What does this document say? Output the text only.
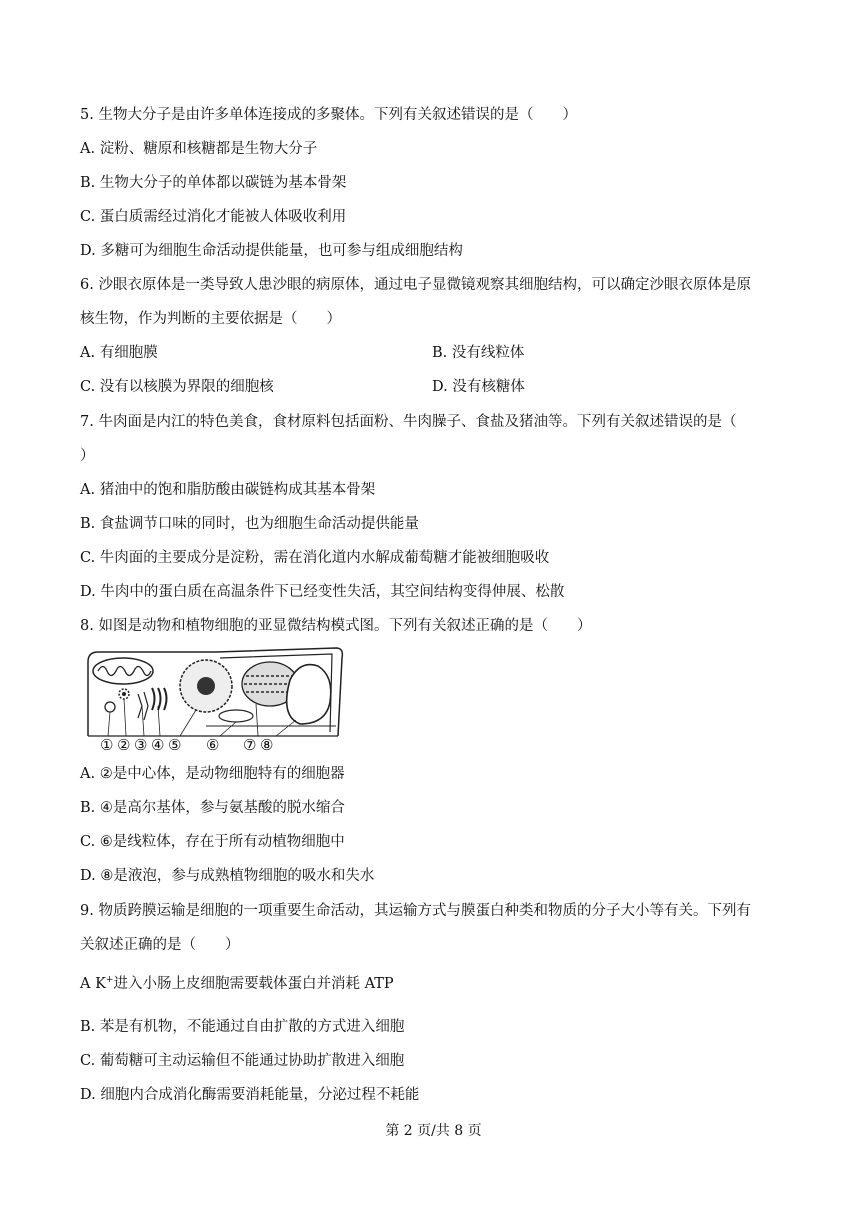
5. 生物大分子是由许多单体连接成的多聚体。下列有关叙述错误的是（　　）
A. 淀粉、糖原和核糖都是生物大分子
B. 生物大分子的单体都以碳链为基本骨架
C. 蛋白质需经过消化才能被人体吸收利用
D. 多糖可为细胞生命活动提供能量，也可参与组成细胞结构
6. 沙眼衣原体是一类导致人患沙眼的病原体，通过电子显微镜观察其细胞结构，可以确定沙眼衣原体是原
核生物，作为判断的主要依据是（　　）
A. 有细胞膜	B. 没有线粒体
C. 没有以核膜为界限的细胞核	D. 没有核糖体
7. 牛肉面是内江的特色美食，食材原料包括面粉、牛肉臊子、食盐及猪油等。下列有关叙述错误的是（
）
A. 猪油中的饱和脂肪酸由碳链构成其基本骨架
B. 食盐调节口味的同时，也为细胞生命活动提供能量
C. 牛肉面的主要成分是淀粉，需在消化道内水解成葡萄糖才能被细胞吸收
D. 牛肉中的蛋白质在高温条件下已经变性失活，其空间结构变得伸展、松散
8. 如图是动物和植物细胞的亚显微结构模式图。下列有关叙述正确的是（　　）
① ② ③ ④ ⑤ ⑥ ⑦ ⑧
A. ②是中心体，是动物细胞特有的细胞器
B. ④是高尔基体，参与氨基酸的脱水缩合
C. ⑥是线粒体，存在于所有动植物细胞中
D. ⑧是液泡，参与成熟植物细胞的吸水和失水
9. 物质跨膜运输是细胞的一项重要生命活动，其运输方式与膜蛋白种类和物质的分子大小等有关。下列有
关叙述正确的是（　　）
A K+进入小肠上皮细胞需要载体蛋白并消耗 ATP
B. 苯是有机物，不能通过自由扩散的方式进入细胞
C. 葡萄糖可主动运输但不能通过协助扩散进入细胞
D. 细胞内合成消化酶需要消耗能量，分泌过程不耗能
第 2 页/共 8 页
